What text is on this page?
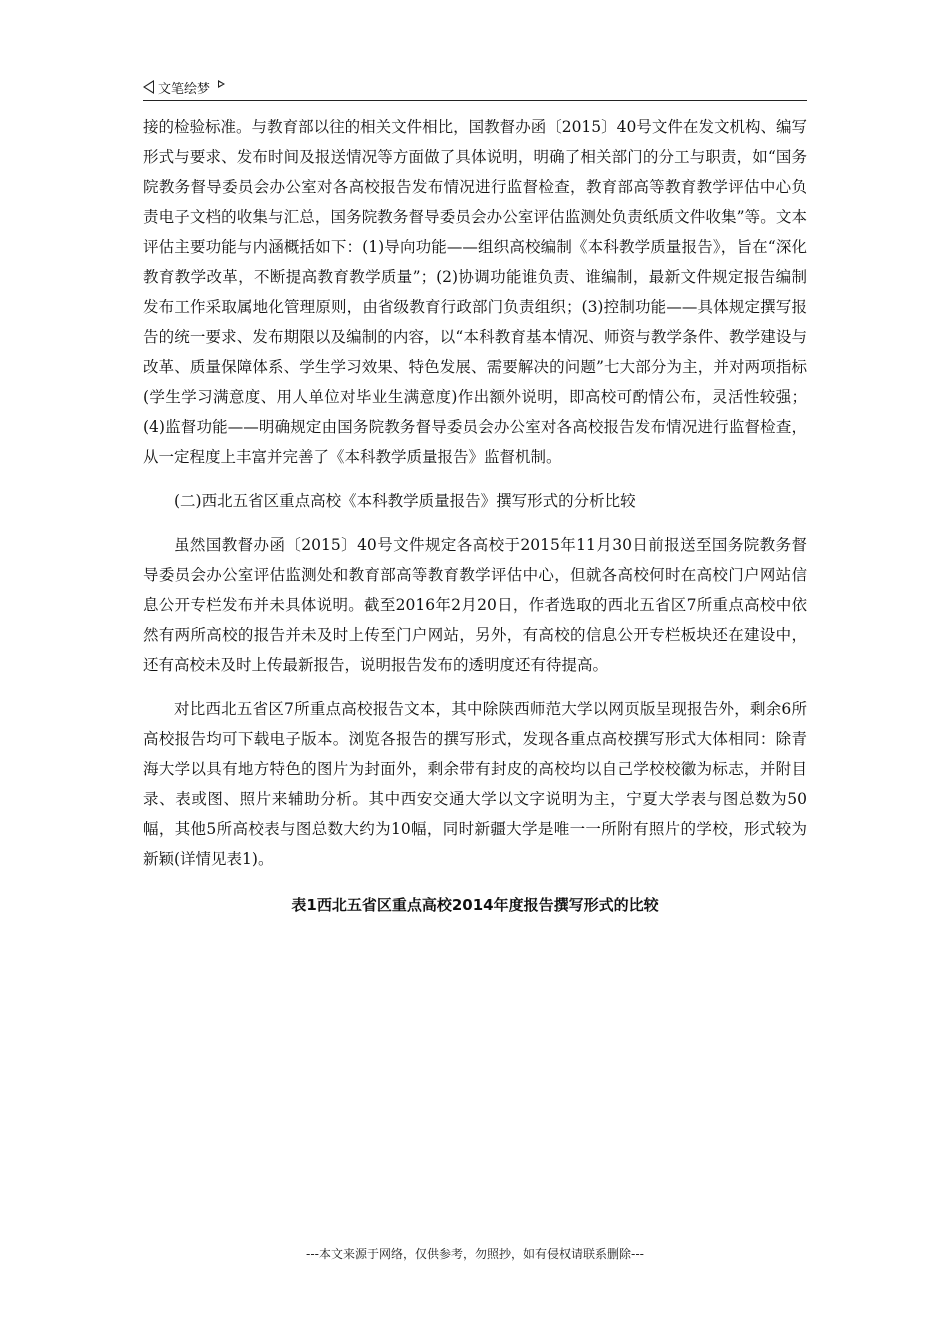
文笔绘梦

接的检验标准。与教育部以往的相关文件相比，国教督办函〔2015〕40号文件在发文机构、编写形式与要求、发布时间及报送情况等方面做了具体说明，明确了相关部门的分工与职责，如“国务院教务督导委员会办公室对各高校报告发布情况进行监督检查，教育部高等教育教学评估中心负责电子文档的收集与汇总，国务院教务督导委员会办公室评估监测处负责纸质文件收集”等。文本评估主要功能与内涵概括如下：(1)导向功能——组织高校编制《本科教学质量报告》，旨在“深化教育教学改革，不断提高教育教学质量”；(2)协调功能谁负责、谁编制，最新文件规定报告编制发布工作采取属地化管理原则，由省级教育行政部门负责组织；(3)控制功能——具体规定撰写报告的统一要求、发布期限以及编制的内容，以“本科教育基本情况、师资与教学条件、教学建设与改革、质量保障体系、学生学习效果、特色发展、需要解决的问题”七大部分为主，并对两项指标(学生学习满意度、用人单位对毕业生满意度)作出额外说明，即高校可酌情公布，灵活性较强；(4)监督功能——明确规定由国务院教务督导委员会办公室对各高校报告发布情况进行监督检查，从一定程度上丰富并完善了《本科教学质量报告》监督机制。

(二)西北五省区重点高校《本科教学质量报告》撰写形式的分析比较

虽然国教督办函〔2015〕40号文件规定各高校于2015年11月30日前报送至国务院教务督导委员会办公室评估监测处和教育部高等教育教学评估中心，但就各高校何时在高校门户网站信息公开专栏发布并未具体说明。截至2016年2月20日，作者选取的西北五省区7所重点高校中依然有两所高校的报告并未及时上传至门户网站，另外，有高校的信息公开专栏板块还在建设中，还有高校未及时上传最新报告，说明报告发布的透明度还有待提高。

对比西北五省区7所重点高校报告文本，其中除陕西师范大学以网页版呈现报告外，剩余6所高校报告均可下载电子版本。浏览各报告的撰写形式，发现各重点高校撰写形式大体相同：除青海大学以具有地方特色的图片为封面外，剩余带有封皮的高校均以自己学校校徽为标志，并附目录、表或图、照片来辅助分析。其中西安交通大学以文字说明为主，宁夏大学表与图总数为50幅，其他5所高校表与图总数大约为10幅，同时新疆大学是唯一一所附有照片的学校，形式较为新颖(详情见表1)。

表1西北五省区重点高校2014年度报告撰写形式的比较

---本文来源于网络，仅供参考，勿照抄，如有侵权请联系删除---
